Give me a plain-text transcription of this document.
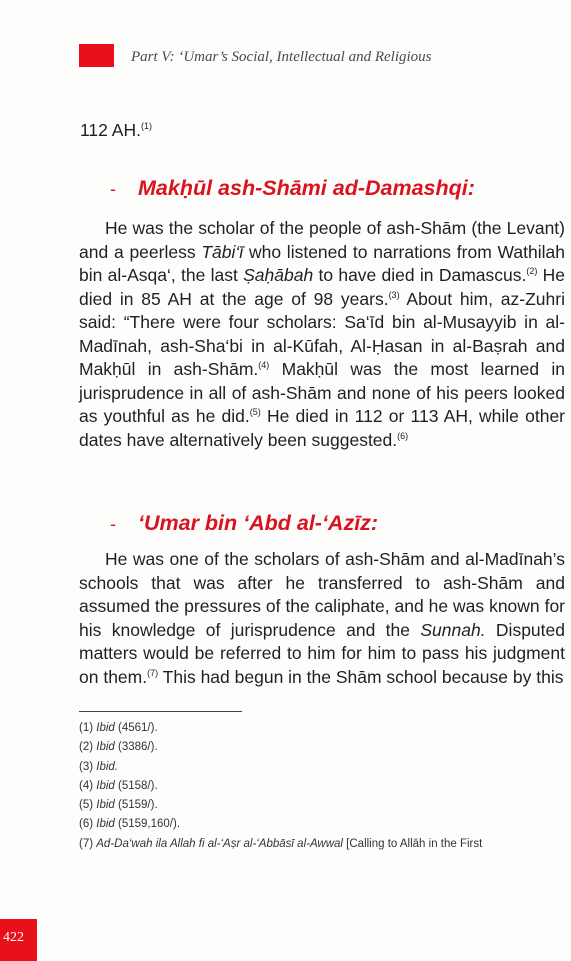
Part V: ‘Umar’s Social, Intellectual and Religious
112 AH.$^{(1)}$
- Makḥūl ash-Shāmi ad-Damashqi:
He was the scholar of the people of ash-Shām (the Levant) and a peerless Tābi‘ī who listened to narrations from Wathilah bin al-Asqa‘, the last Ṣaḥābah to have died in Damascus.$^{(2)}$ He died in 85 AH at the age of 98 years.$^{(3)}$ About him, az-Zuhri said: “There were four scholars: Sa‘īd bin al-Musayyib in al-Madīnah, ash-Sha‘bi in al-Kūfah, Al-Ḥasan in al-Baṣrah and Makḥūl in ash-Shām.$^{(4)}$ Makḥūl was the most learned in jurisprudence in all of ash-Shām and none of his peers looked as youthful as he did.$^{(5)}$ He died in 112 or 113 AH, while other dates have alternatively been suggested.$^{(6)}$
- ‘Umar bin ‘Abd al-‘Azīz:
He was one of the scholars of ash-Shām and al-Madīnah’s schools that was after he transferred to ash-Shām and assumed the pressures of the caliphate, and he was known for his knowledge of jurisprudence and the Sunnah. Disputed matters would be referred to him for him to pass his judgment on them.$^{(7)}$ This had begun in the Shām school because by this
(1) Ibid (4561/).
(2) Ibid (3386/).
(3) Ibid.
(4) Ibid (5158/).
(5) Ibid (5159/).
(6) Ibid (5159,160/).
(7) Ad-Da‘wah ila Allah fi al-‘Aṣr al-‘Abbāsī al-Awwal [Calling to Allāh in the First
422
